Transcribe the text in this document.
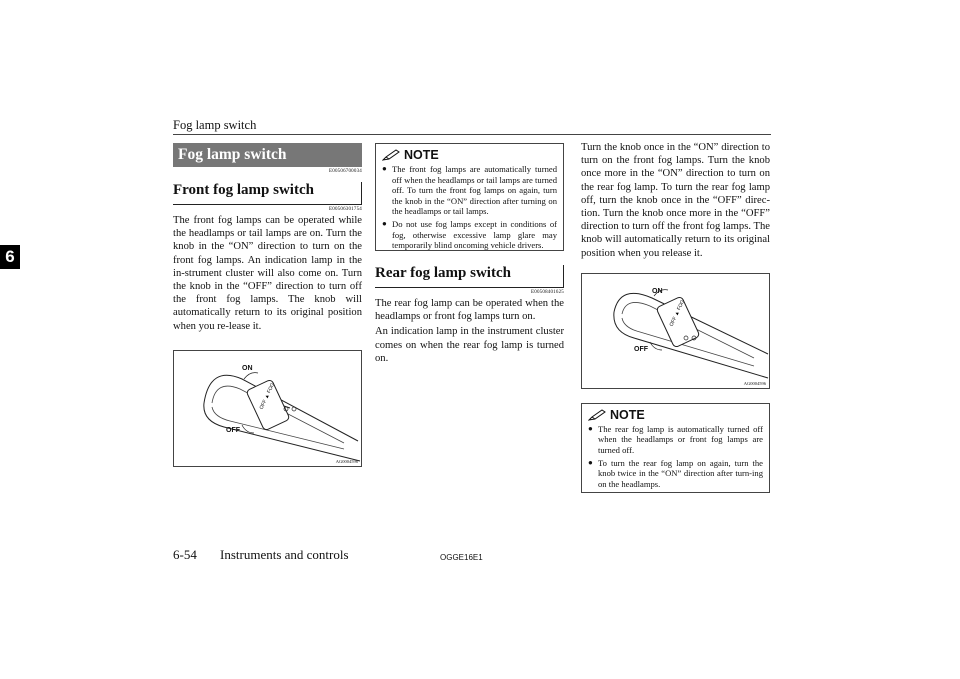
Fog lamp switch
6
Fog lamp switch
E00506700034
Front fog lamp switch
E00506301754

The front fog lamps can be operated while the headlamps or tail lamps are on. Turn the knob in the “ON” direction to turn on the front fog lamps. An indication lamp in the in-strument cluster will also come on. Turn the knob in the “OFF” direction to turn off the front fog lamps. The knob will automatically return to its original position when you re-lease it.

OFF ▲ FOG
ON
OFF
AG0004596
NOTE
● The front fog lamps are automatically turned off when the headlamps or tail lamps are turned off. To turn the front fog lamps on again, turn the knob in the “ON” direction after turning on the headlamps or tail lamps.
● Do not use fog lamps except in conditions of fog, otherwise excessive lamp glare may temporarily blind oncoming vehicle drivers.
Rear fog lamp switch
E00508401625

The rear fog lamp can be operated when the headlamps or front fog lamps turn on.

An indication lamp in the instrument cluster comes on when the rear fog lamp is turned on.

Turn the knob once in the “ON” direction to turn on the front fog lamps. Turn the knob once more in the “ON” direction to turn on the rear fog lamp. To turn the rear fog lamp off, turn the knob once in the “OFF” direc-tion. Turn the knob once more in the “OFF” direction to turn off the front fog lamps. The knob will automatically return to its original position when you release it.

OFF ▲ FOG
ON
OFF
AG0004596
NOTE
● The rear fog lamp is automatically turned off when the headlamps or front fog lamps are turned off.
● To turn the rear fog lamp on again, turn the knob twice in the “ON” direction after turn-ing on the headlamps.
6-54 Instruments and controls	OGGE16E1
